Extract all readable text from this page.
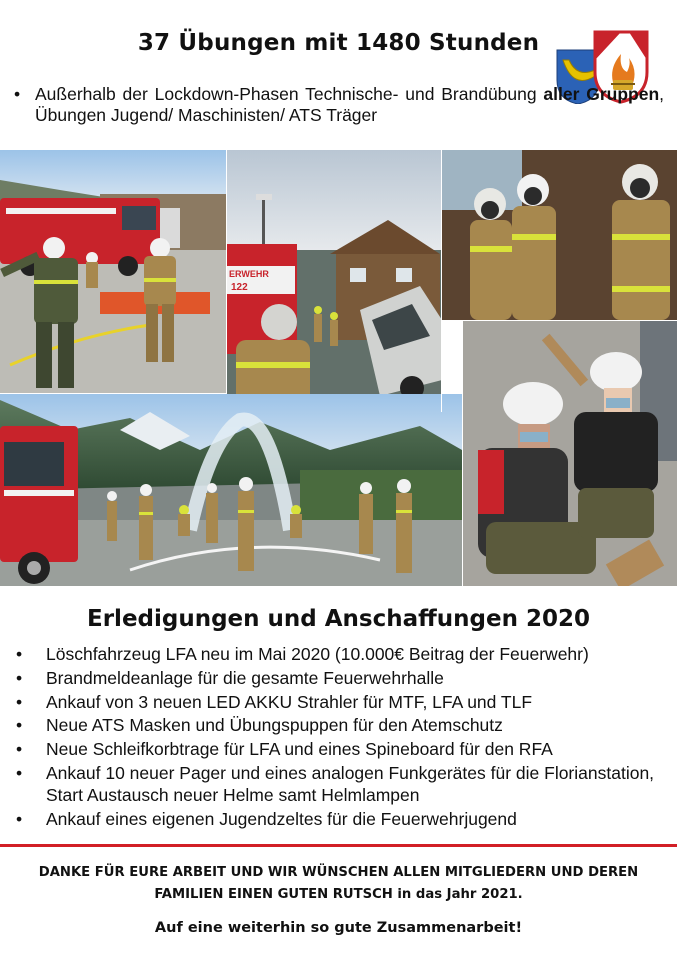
37 Übungen mit 1480 Stunden
• Außerhalb der Lockdown-Phasen Technische- und Brandübung aller Gruppen, Übungen Jugend/ Maschinisten/ ATS Träger
ERWEHR
122
Erledigungen und Anschaffungen 2020
• Löschfahrzeug LFA neu im Mai 2020 (10.000€ Beitrag der Feuerwehr)
• Brandmeldeanlage für die gesamte Feuerwehrhalle
• Ankauf von 3 neuen LED AKKU Strahler für MTF, LFA und TLF
• Neue ATS Masken und Übungspuppen für den Atemschutz
• Neue Schleifkorbtrage für LFA und eines Spineboard für den RFA
• Ankauf 10 neuer Pager und eines analogen Funkgerätes für die Florianstation, Start Austausch neuer Helme samt Helmlampen
• Ankauf eines eigenen Jugendzeltes für die Feuerwehrjugend
DANKE FÜR EURE ARBEIT UND WIR WÜNSCHEN ALLEN MITGLIEDERN UND DEREN
FAMILIEN EINEN GUTEN RUTSCH in das Jahr 2021.
Auf eine weiterhin so gute Zusammenarbeit!
